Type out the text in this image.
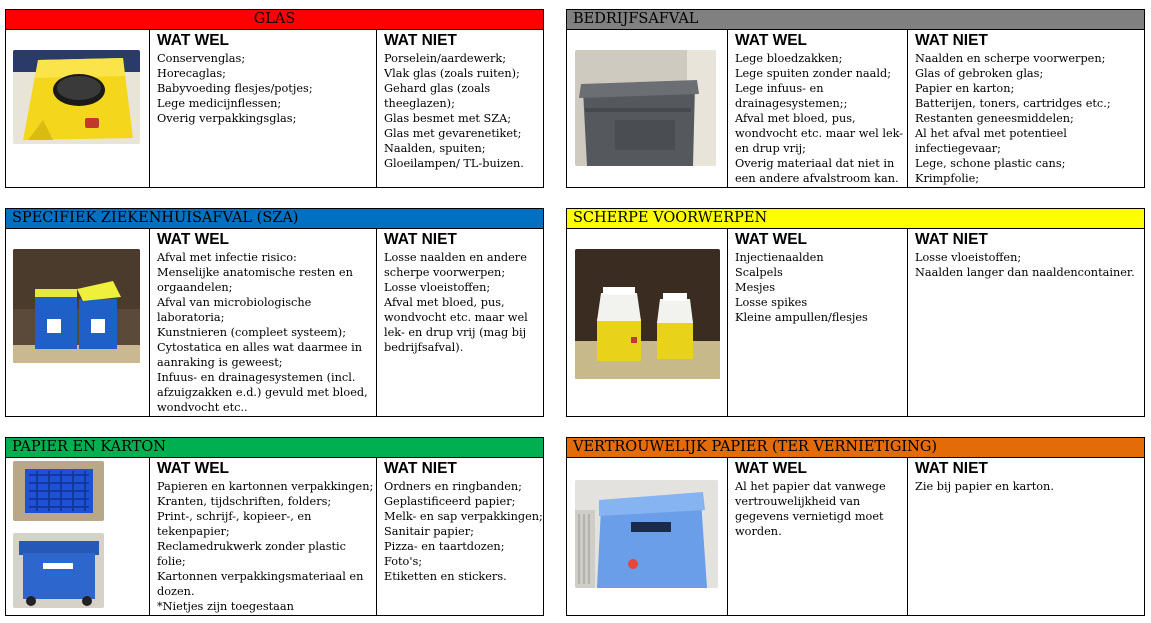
GLAS
WAT WEL
Conservenglas;
Horecaglas;
Babyvoeding flesjes/potjes;
Lege medicijnflessen;
Overig verpakkingsglas;
WAT NIET
Porselein/aardewerk;
Vlak glas (zoals ruiten);
Gehard glas (zoals
theeglazen);
Glas besmet met SZA;
Glas met gevarenetiket;
Naalden, spuiten;
Gloeilampen/ TL-buizen.
BEDRIJFSAFVAL
WAT WEL
Lege bloedzakken;
Lege spuiten zonder naald;
Lege infuus- en
drainagesystemen;;
Afval met bloed, pus,
wondvocht etc. maar wel lek-
en drup vrij;
Overig materiaal dat niet in
een andere afvalstroom kan.
WAT NIET
Naalden en scherpe voorwerpen;
Glas of gebroken glas;
Papier en karton;
Batterijen, toners, cartridges etc.;
Restanten geneesmiddelen;
Al het afval met potentieel
infectiegevaar;
Lege, schone plastic cans;
Krimpfolie;
SPECIFIEK ZIEKENHUISAFVAL (SZA)
WAT WEL
Afval met infectie risico:
Menselijke anatomische resten en
orgaandelen;
Afval van microbiologische
laboratoria;
Kunstnieren (compleet systeem);
Cytostatica en alles wat daarmee in
aanraking is geweest;
Infuus- en drainagesystemen (incl.
afzuigzakken e.d.) gevuld met bloed,
wondvocht etc..
WAT NIET
Losse naalden en andere
scherpe voorwerpen;
Losse vloeistoffen;
Afval met bloed, pus,
wondvocht etc. maar wel
lek- en drup vrij (mag bij
bedrijfsafval).
SCHERPE VOORWERPEN
WAT WEL
Injectienaalden
Scalpels
Mesjes
Losse spikes
Kleine ampullen/flesjes
WAT NIET
Losse vloeistoffen;
Naalden langer dan naaldencontainer.
PAPIER EN KARTON
WAT WEL
Papieren en kartonnen verpakkingen;
Kranten, tijdschriften, folders;
Print-, schrijf-, kopieer-, en
tekenpapier;
Reclamedrukwerk zonder plastic
folie;
Kartonnen verpakkingsmateriaal en
dozen.
*Nietjes zijn toegestaan
WAT NIET
Ordners en ringbanden;
Geplastificeerd papier;
Melk- en sap verpakkingen;
Sanitair papier;
Pizza- en taartdozen;
Foto's;
Etiketten en stickers.
VERTROUWELIJK PAPIER (TER VERNIETIGING)
WAT WEL
Al het papier dat vanwege
vertrouwelijkheid van
gegevens vernietigd moet
worden.
WAT NIET
Zie bij papier en karton.
